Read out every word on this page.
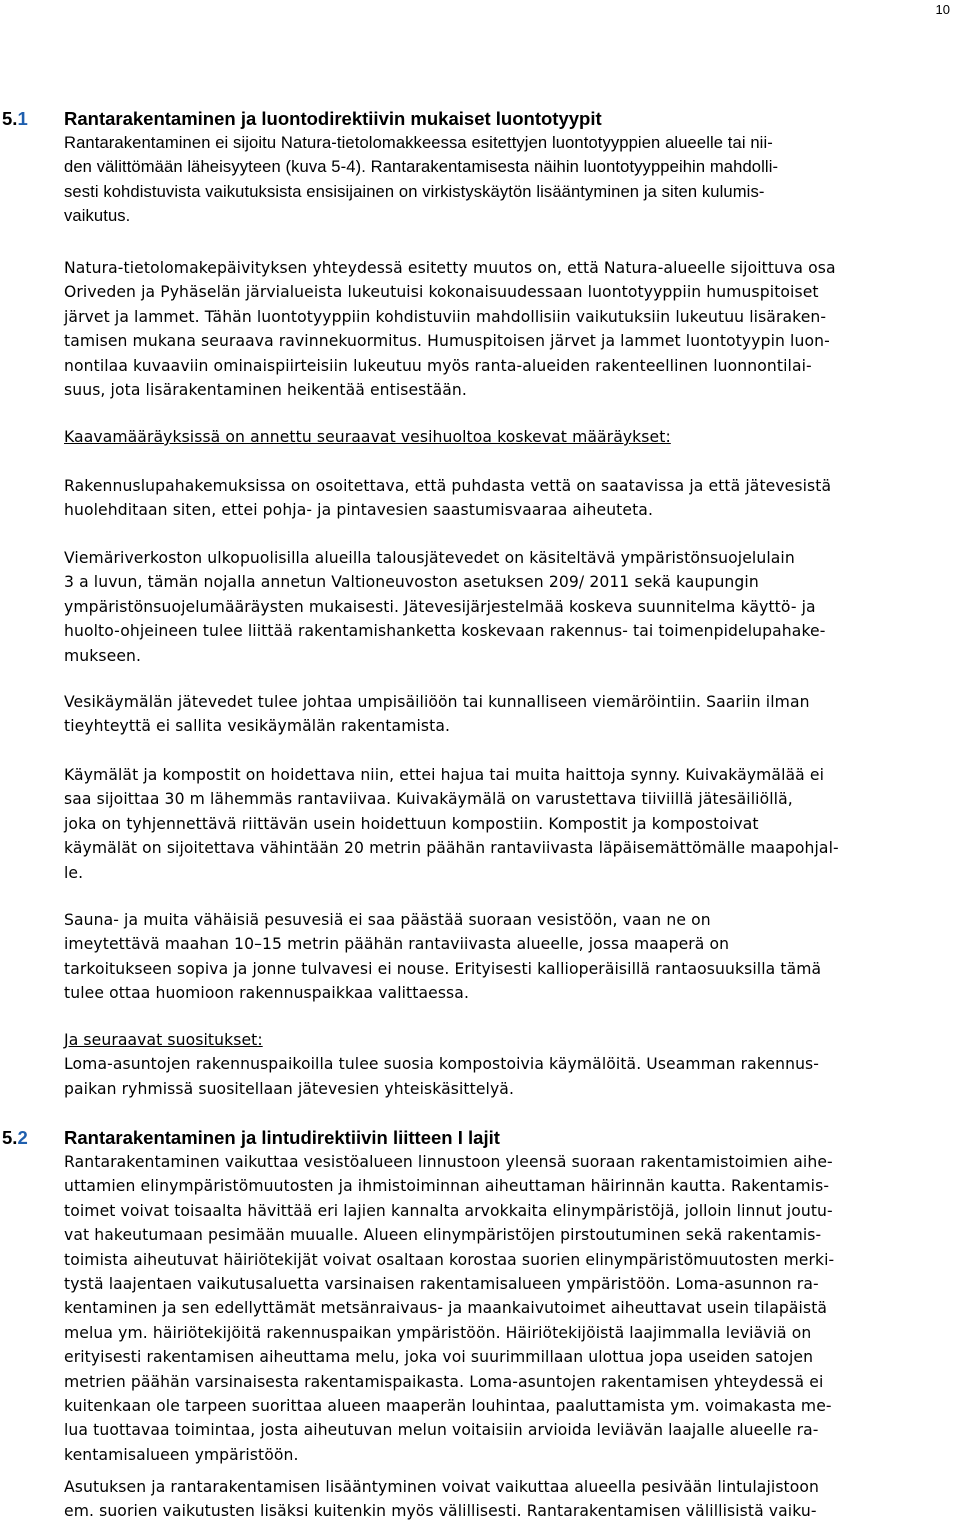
10
5.1 Rantarakentaminen ja luontodirektiivin mukaiset luontotyypit
Rantarakentaminen ei sijoitu Natura-tietolomakkeessa esitettyjen luontotyyppien alueelle tai nii-
den välittömään läheisyyteen (kuva 5-4). Rantarakentamisesta näihin luontotyyppeihin mahdolli-
sesti kohdistuvista vaikutuksista ensisijainen on virkistyskäytön lisääntyminen ja siten kulumis-
vaikutus.
Natura-tietolomakepäivityksen yhteydessä esitetty muutos on, että Natura-alueelle sijoittuva osa
Oriveden ja Pyhäselän järvialueista lukeutuisi kokonaisuudessaan luontotyyppiin humuspitoiset
järvet ja lammet. Tähän luontotyyppiin kohdistuviin mahdollisiin vaikutuksiin lukeutuu lisäraken-
tamisen mukana seuraava ravinnekuormitus. Humuspitoisen järvet ja lammet luontotyypin luon-
nontilaa kuvaaviin ominaispiirteisiin lukeutuu myös ranta-alueiden rakenteellinen luonnontilai-
suus, jota lisärakentaminen heikentää entisestään.
Kaavamääräyksissä on annettu seuraavat vesihuoltoa koskevat määräykset:
Rakennuslupahakemuksissa on osoitettava, että puhdasta vettä on saatavissa ja että jätevesistä
huolehditaan siten, ettei pohja- ja pintavesien saastumisvaaraa aiheuteta.
Viemäriverkoston ulkopuolisilla alueilla talousjätevedet on käsiteltävä ympäristönsuojelulain
3 a luvun, tämän nojalla annetun Valtioneuvoston asetuksen 209/ 2011 sekä kaupungin
ympäristönsuojelumääräysten mukaisesti. Jätevesijärjestelmää koskeva suunnitelma käyttö- ja
huolto-ohjeineen tulee liittää rakentamishanketta koskevaan rakennus- tai toimenpidelupahake-
mukseen.
Vesikäymälän jätevedet tulee johtaa umpisäiliöön tai kunnalliseen viemäröintiin. Saariin ilman
tieyhteyttä ei sallita vesikäymälän rakentamista.
Käymälät ja kompostit on hoidettava niin, ettei hajua tai muita haittoja synny. Kuivakäymälää ei
saa sijoittaa 30 m lähemmäs rantaviivaa. Kuivakäymälä on varustettava tiiviillä jätesäiliöllä,
joka on tyhjennettävä riittävän usein hoidettuun kompostiin. Kompostit ja kompostoivat
käymälät on sijoitettava vähintään 20 metrin päähän rantaviivasta läpäisemättömälle maapohjal-
le.
Sauna- ja muita vähäisiä pesuvesiä ei saa päästää suoraan vesistöön, vaan ne on
imeytettävä maahan 10–15 metrin päähän rantaviivasta alueelle, jossa maaperä on
tarkoitukseen sopiva ja jonne tulvavesi ei nouse. Erityisesti kallioperäisillä rantaosuuksilla tämä
tulee ottaa huomioon rakennuspaikkaa valittaessa.
Ja seuraavat suositukset:
Loma-asuntojen rakennuspaikoilla tulee suosia kompostoivia käymälöitä. Useamman rakennus-
paikan ryhmissä suositellaan jätevesien yhteiskäsittelyä.
5.2 Rantarakentaminen ja lintudirektiivin liitteen I lajit
Rantarakentaminen vaikuttaa vesistöalueen linnustoon yleensä suoraan rakentamistoimien aihe-
uttamien elinympäristömuutosten ja ihmistoiminnan aiheuttaman häirinnän kautta. Rakentamis-
toimet voivat toisaalta hävittää eri lajien kannalta arvokkaita elinympäristöjä, jolloin linnut joutu-
vat hakeutumaan pesimään muualle. Alueen elinympäristöjen pirstoutuminen sekä rakentamis-
toimista aiheutuvat häiriötekijät voivat osaltaan korostaa suorien elinympäristömuutosten merki-
tystä laajentaen vaikutusaluetta varsinaisen rakentamisalueen ympäristöön. Loma-asunnon ra-
kentaminen ja sen edellyttämät metsänraivaus- ja maankaivutoimet aiheuttavat usein tilapäistä
melua ym. häiriötekijöitä rakennuspaikan ympäristöön. Häiriötekijöistä laajimmalla leviäviä on
erityisesti rakentamisen aiheuttama melu, joka voi suurimmillaan ulottua jopa useiden satojen
metrien päähän varsinaisesta rakentamispaikasta. Loma-asuntojen rakentamisen yhteydessä ei
kuitenkaan ole tarpeen suorittaa alueen maaperän louhintaa, paaluttamista ym. voimakasta me-
lua tuottavaa toimintaa, josta aiheutuvan melun voitaisiin arvioida leviävän laajalle alueelle ra-
kentamisalueen ympäristöön.
Asutuksen ja rantarakentamisen lisääntyminen voivat vaikuttaa alueella pesivään lintulajistoon
em. suorien vaikutusten lisäksi kuitenkin myös välillisesti. Rantarakentamisen välillisistä vaiku-
